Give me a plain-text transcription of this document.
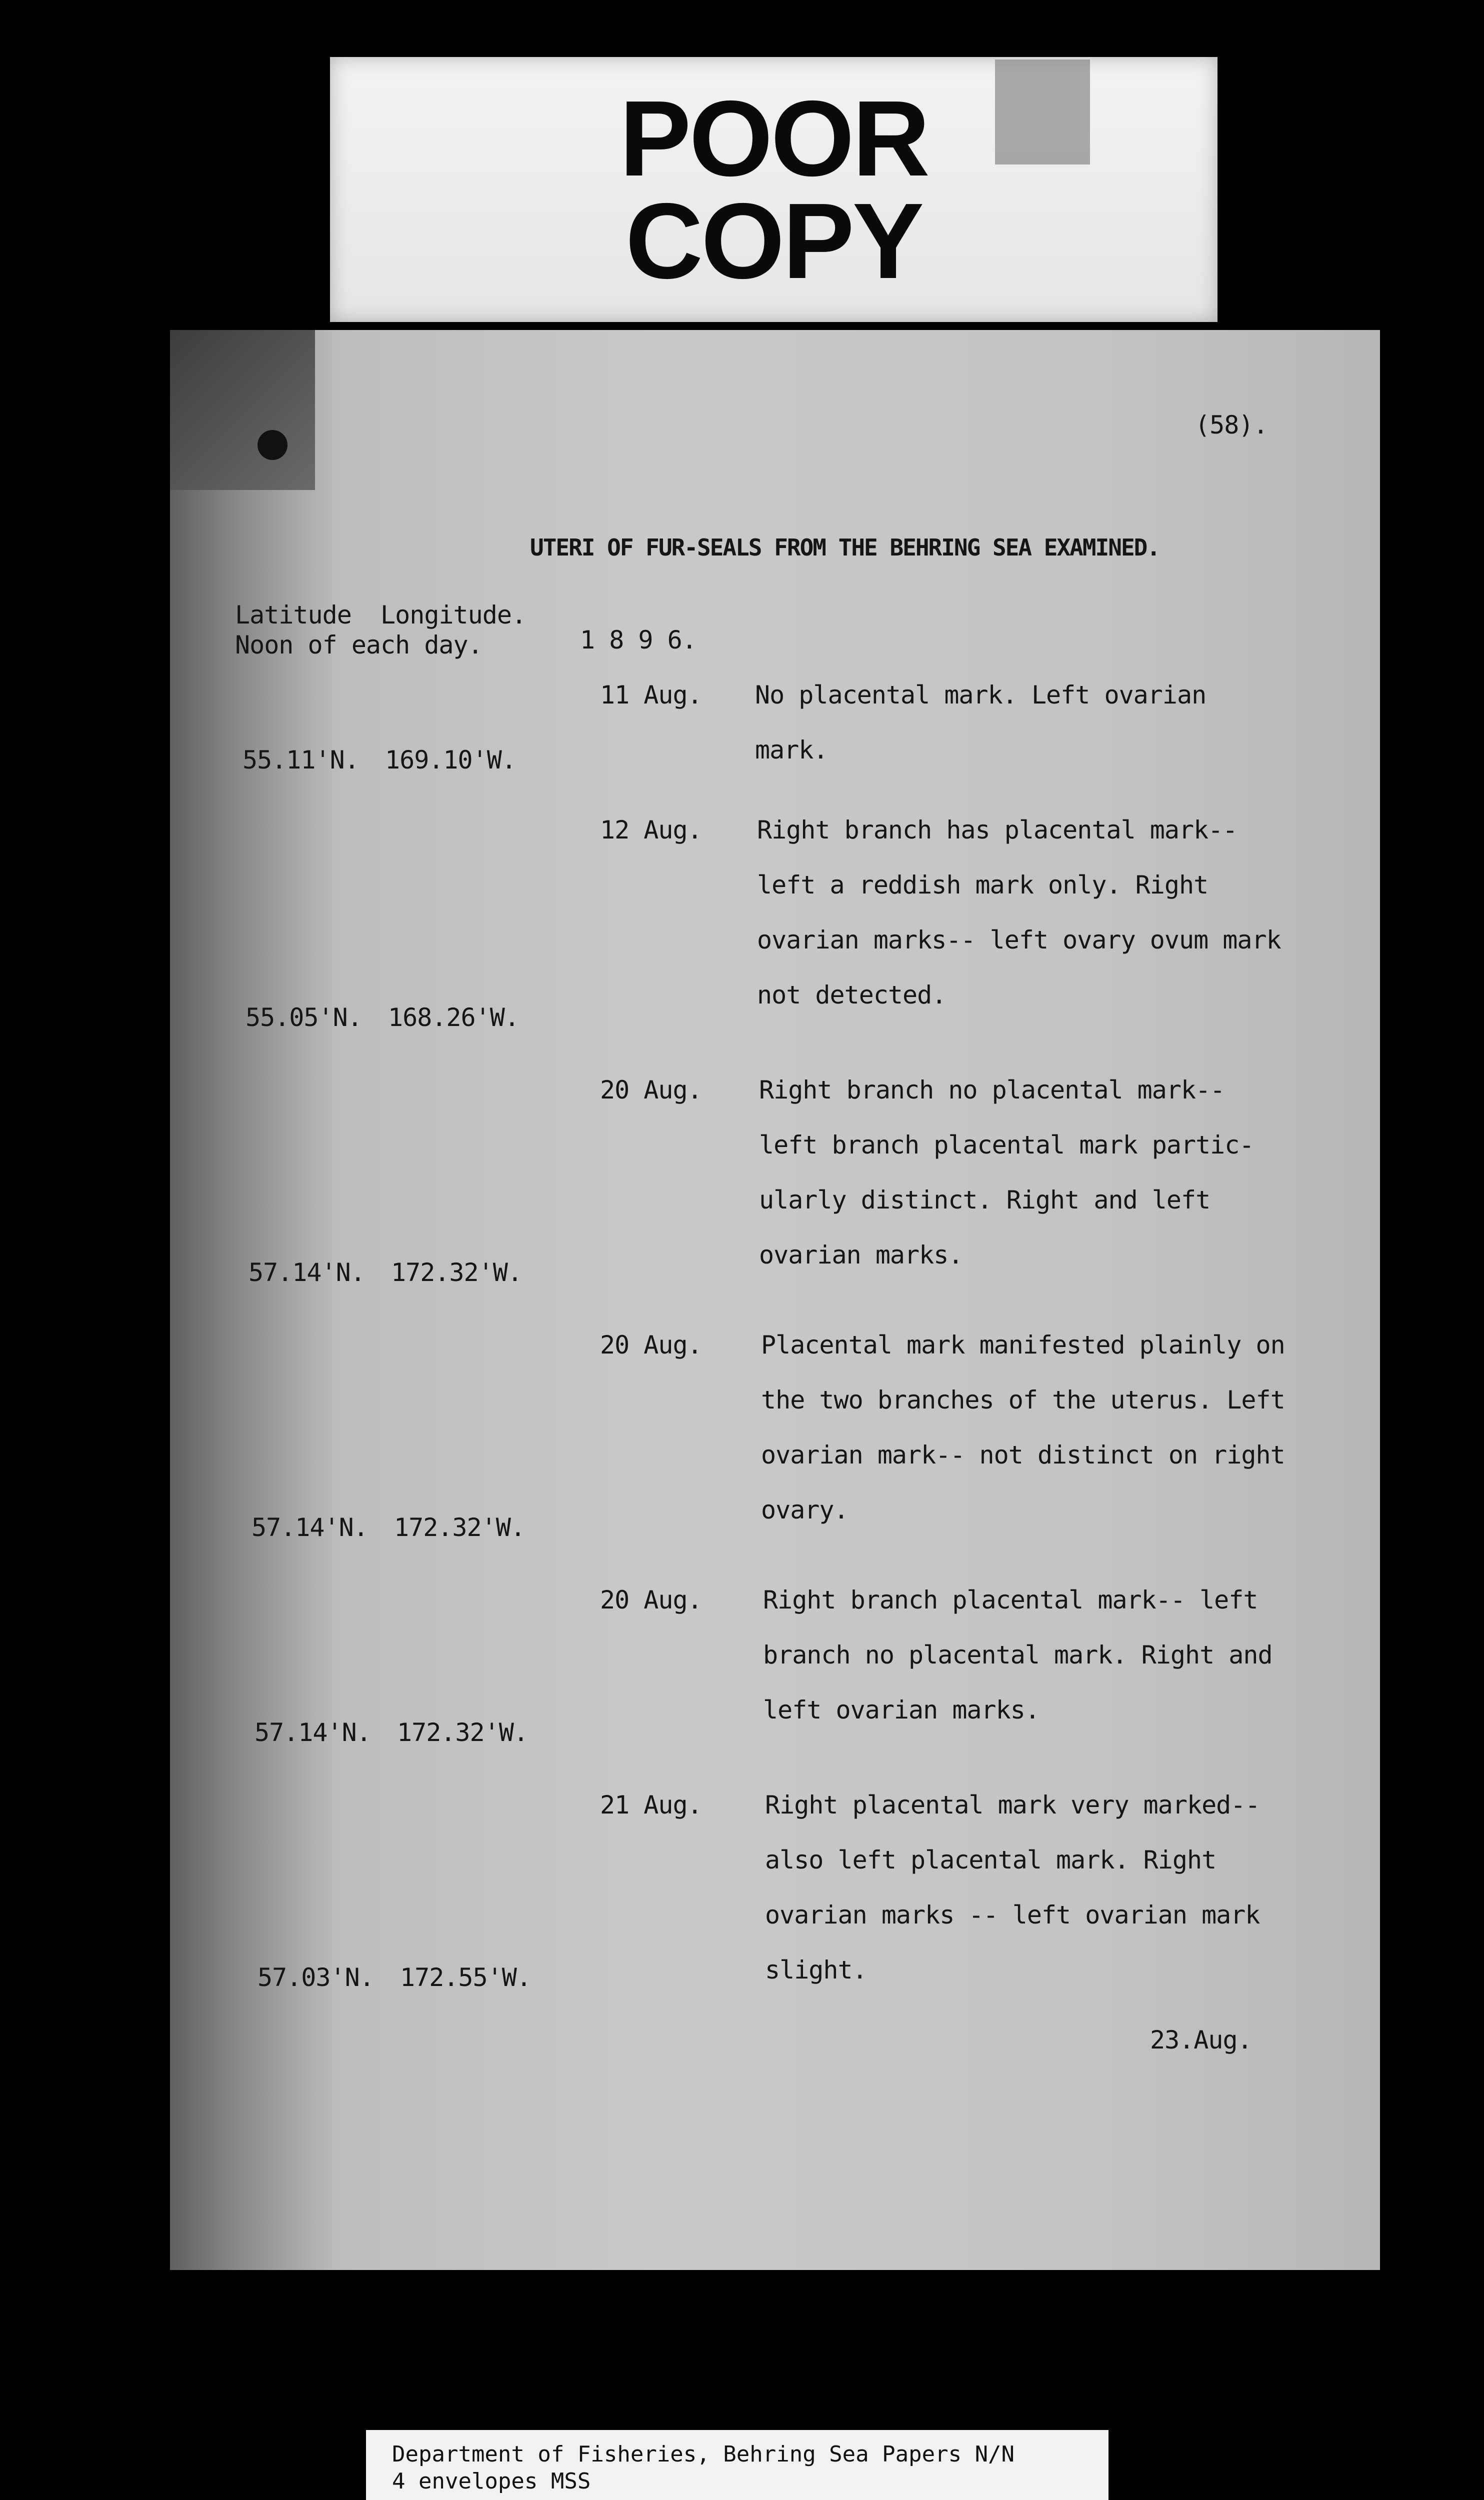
POOR
COPY
(58).
UTERI OF FUR-SEALS FROM THE BEHRING SEA EXAMINED.
Latitude  Longitude.
Noon of each day.	1 8 9 6.
11 Aug.
55.11'N. 169.10'W.
No placental mark. Left ovarian
mark.
12 Aug.
55.05'N. 168.26'W.
Right branch has placental mark--
left a reddish mark only. Right
ovarian marks-- left ovary ovum mark
not detected.
20 Aug.
57.14'N. 172.32'W.
Right branch no placental mark--
left branch placental mark partic-
ularly distinct. Right and left
ovarian marks.
20 Aug.
57.14'N. 172.32'W.
Placental mark manifested plainly on
the two branches of the uterus. Left
ovarian mark-- not distinct on right
ovary.
20 Aug.
57.14'N. 172.32'W.
Right branch placental mark-- left
branch no placental mark. Right and
left ovarian marks.
21 Aug.
57.03'N. 172.55'W.
Right placental mark very marked--
also left placental mark. Right
ovarian marks -- left ovarian mark
slight.
23.Aug.
Department of Fisheries, Behring Sea Papers N/N
4 envelopes MSS
